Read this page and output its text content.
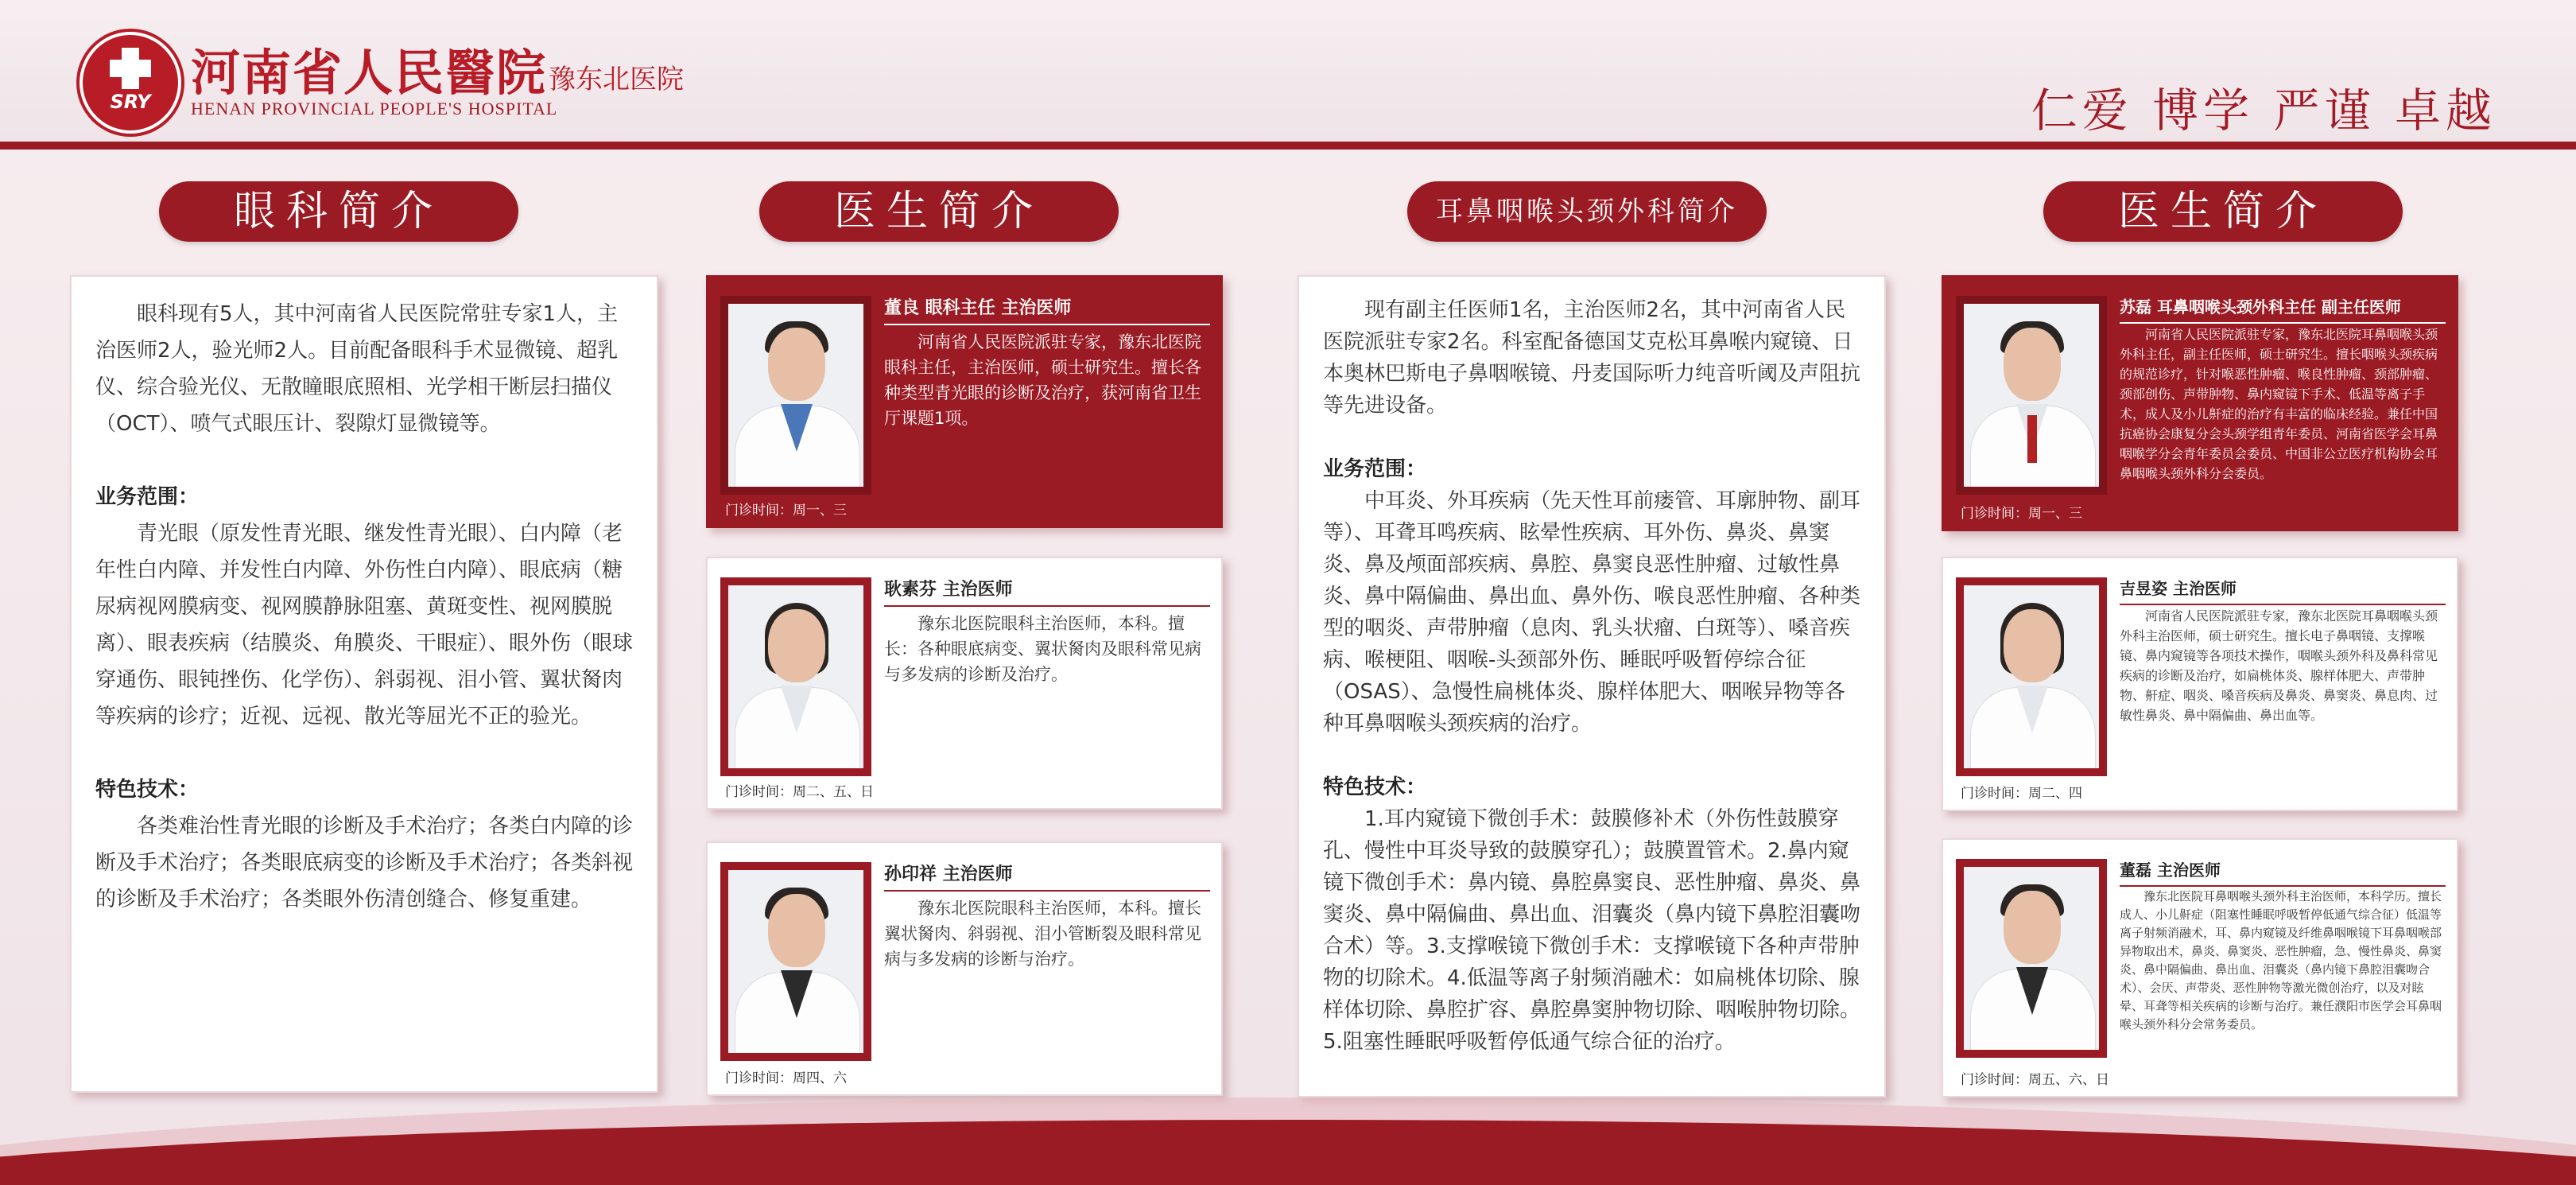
SRY 河南省人民醫院 豫东北医院
HENAN PROVINCIAL PEOPLE'S HOSPITAL	仁爱 博学 严谨 卓越
眼科简介	医生简介	耳鼻咽喉头颈外科简介	医生简介

眼科现有5人，其中河南省人民医院常驻专家1人，主治医师2人，验光师2人。目前配备眼科手术显微镜、超乳仪、综合验光仪、无散瞳眼底照相、光学相干断层扫描仪（OCT）、喷气式眼压计、裂隙灯显微镜等。

业务范围：

青光眼（原发性青光眼、继发性青光眼）、白内障（老年性白内障、并发性白内障、外伤性白内障）、眼底病（糖尿病视网膜病变、视网膜静脉阻塞、黄斑变性、视网膜脱离）、眼表疾病（结膜炎、角膜炎、干眼症）、眼外伤（眼球穿通伤、眼钝挫伤、化学伤）、斜弱视、泪小管、翼状胬肉等疾病的诊疗；近视、远视、散光等屈光不正的验光。

特色技术：

各类难治性青光眼的诊断及手术治疗；各类白内障的诊断及手术治疗；各类眼底病变的诊断及手术治疗；各类斜视的诊断及手术治疗；各类眼外伤清创缝合、修复重建。

董良 眼科主任 主治医师
河南省人民医院派驻专家，豫东北医院眼科主任，主治医师，硕士研究生。擅长各种类型青光眼的诊断及治疗，获河南省卫生厅课题1项。
门诊时间：周一、三
耿素芬 主治医师
豫东北医院眼科主治医师，本科。擅长：各种眼底病变、翼状胬肉及眼科常见病与多发病的诊断及治疗。
门诊时间：周二、五、日
孙印祥 主治医师
豫东北医院眼科主治医师，本科。擅长翼状胬肉、斜弱视、泪小管断裂及眼科常见病与多发病的诊断与治疗。
门诊时间：周四、六

现有副主任医师1名，主治医师2名，其中河南省人民医院派驻专家2名。科室配备德国艾克松耳鼻喉内窥镜、日本奥林巴斯电子鼻咽喉镜、丹麦国际听力纯音听阈及声阻抗等先进设备。

业务范围：

中耳炎、外耳疾病（先天性耳前瘘管、耳廓肿物、副耳等）、耳聋耳鸣疾病、眩晕性疾病、耳外伤、鼻炎、鼻窦炎、鼻及颅面部疾病、鼻腔、鼻窦良恶性肿瘤、过敏性鼻炎、鼻中隔偏曲、鼻出血、鼻外伤、喉良恶性肿瘤、各种类型的咽炎、声带肿瘤（息肉、乳头状瘤、白斑等）、嗓音疾病、喉梗阻、咽喉-头颈部外伤、睡眠呼吸暂停综合征（OSAS）、急慢性扁桃体炎、腺样体肥大、咽喉异物等各种耳鼻咽喉头颈疾病的治疗。

特色技术：

1.耳内窥镜下微创手术：鼓膜修补术（外伤性鼓膜穿孔、慢性中耳炎导致的鼓膜穿孔）；鼓膜置管术。2.鼻内窥镜下微创手术：鼻内镜、鼻腔鼻窦良、恶性肿瘤、鼻炎、鼻窦炎、鼻中隔偏曲、鼻出血、泪囊炎（鼻内镜下鼻腔泪囊吻合术）等。3.支撑喉镜下微创手术：支撑喉镜下各种声带肿物的切除术。4.低温等离子射频消融术：如扁桃体切除、腺样体切除、鼻腔扩容、鼻腔鼻窦肿物切除、咽喉肿物切除。5.阻塞性睡眠呼吸暂停低通气综合征的治疗。

苏磊 耳鼻咽喉头颈外科主任 副主任医师
河南省人民医院派驻专家，豫东北医院耳鼻咽喉头颈外科主任，副主任医师，硕士研究生。擅长咽喉头颈疾病的规范诊疗，针对喉恶性肿瘤、喉良性肿瘤、颈部肿瘤、颈部创伤、声带肿物、鼻内窥镜下手术、低温等离子手术，成人及小儿鼾症的治疗有丰富的临床经验。兼任中国抗癌协会康复分会头颈学组青年委员、河南省医学会耳鼻咽喉学分会青年委员会委员、中国非公立医疗机构协会耳鼻咽喉头颈外科分会委员。
门诊时间：周一、三
吉昱姿 主治医师
河南省人民医院派驻专家，豫东北医院耳鼻咽喉头颈外科主治医师，硕士研究生。擅长电子鼻咽镜、支撑喉镜、鼻内窥镜等各项技术操作，咽喉头颈外科及鼻科常见疾病的诊断及治疗，如扁桃体炎、腺样体肥大、声带肿物、鼾症、咽炎、嗓音疾病及鼻炎、鼻窦炎、鼻息肉、过敏性鼻炎、鼻中隔偏曲、鼻出血等。
门诊时间：周二、四
董磊 主治医师
豫东北医院耳鼻咽喉头颈外科主治医师，本科学历。擅长成人、小儿鼾症（阻塞性睡眠呼吸暂停低通气综合征）低温等离子射频消融术，耳、鼻内窥镜及纤维鼻咽喉镜下耳鼻咽喉部异物取出术，鼻炎、鼻窦炎、恶性肿瘤，急、慢性鼻炎、鼻窦炎、鼻中隔偏曲、鼻出血、泪囊炎（鼻内镜下鼻腔泪囊吻合术）、会厌、声带炎、恶性肿物等激光微创治疗，以及对眩晕、耳聋等相关疾病的诊断与治疗。兼任濮阳市医学会耳鼻咽喉头颈外科分会常务委员。
门诊时间：周五、六、日
